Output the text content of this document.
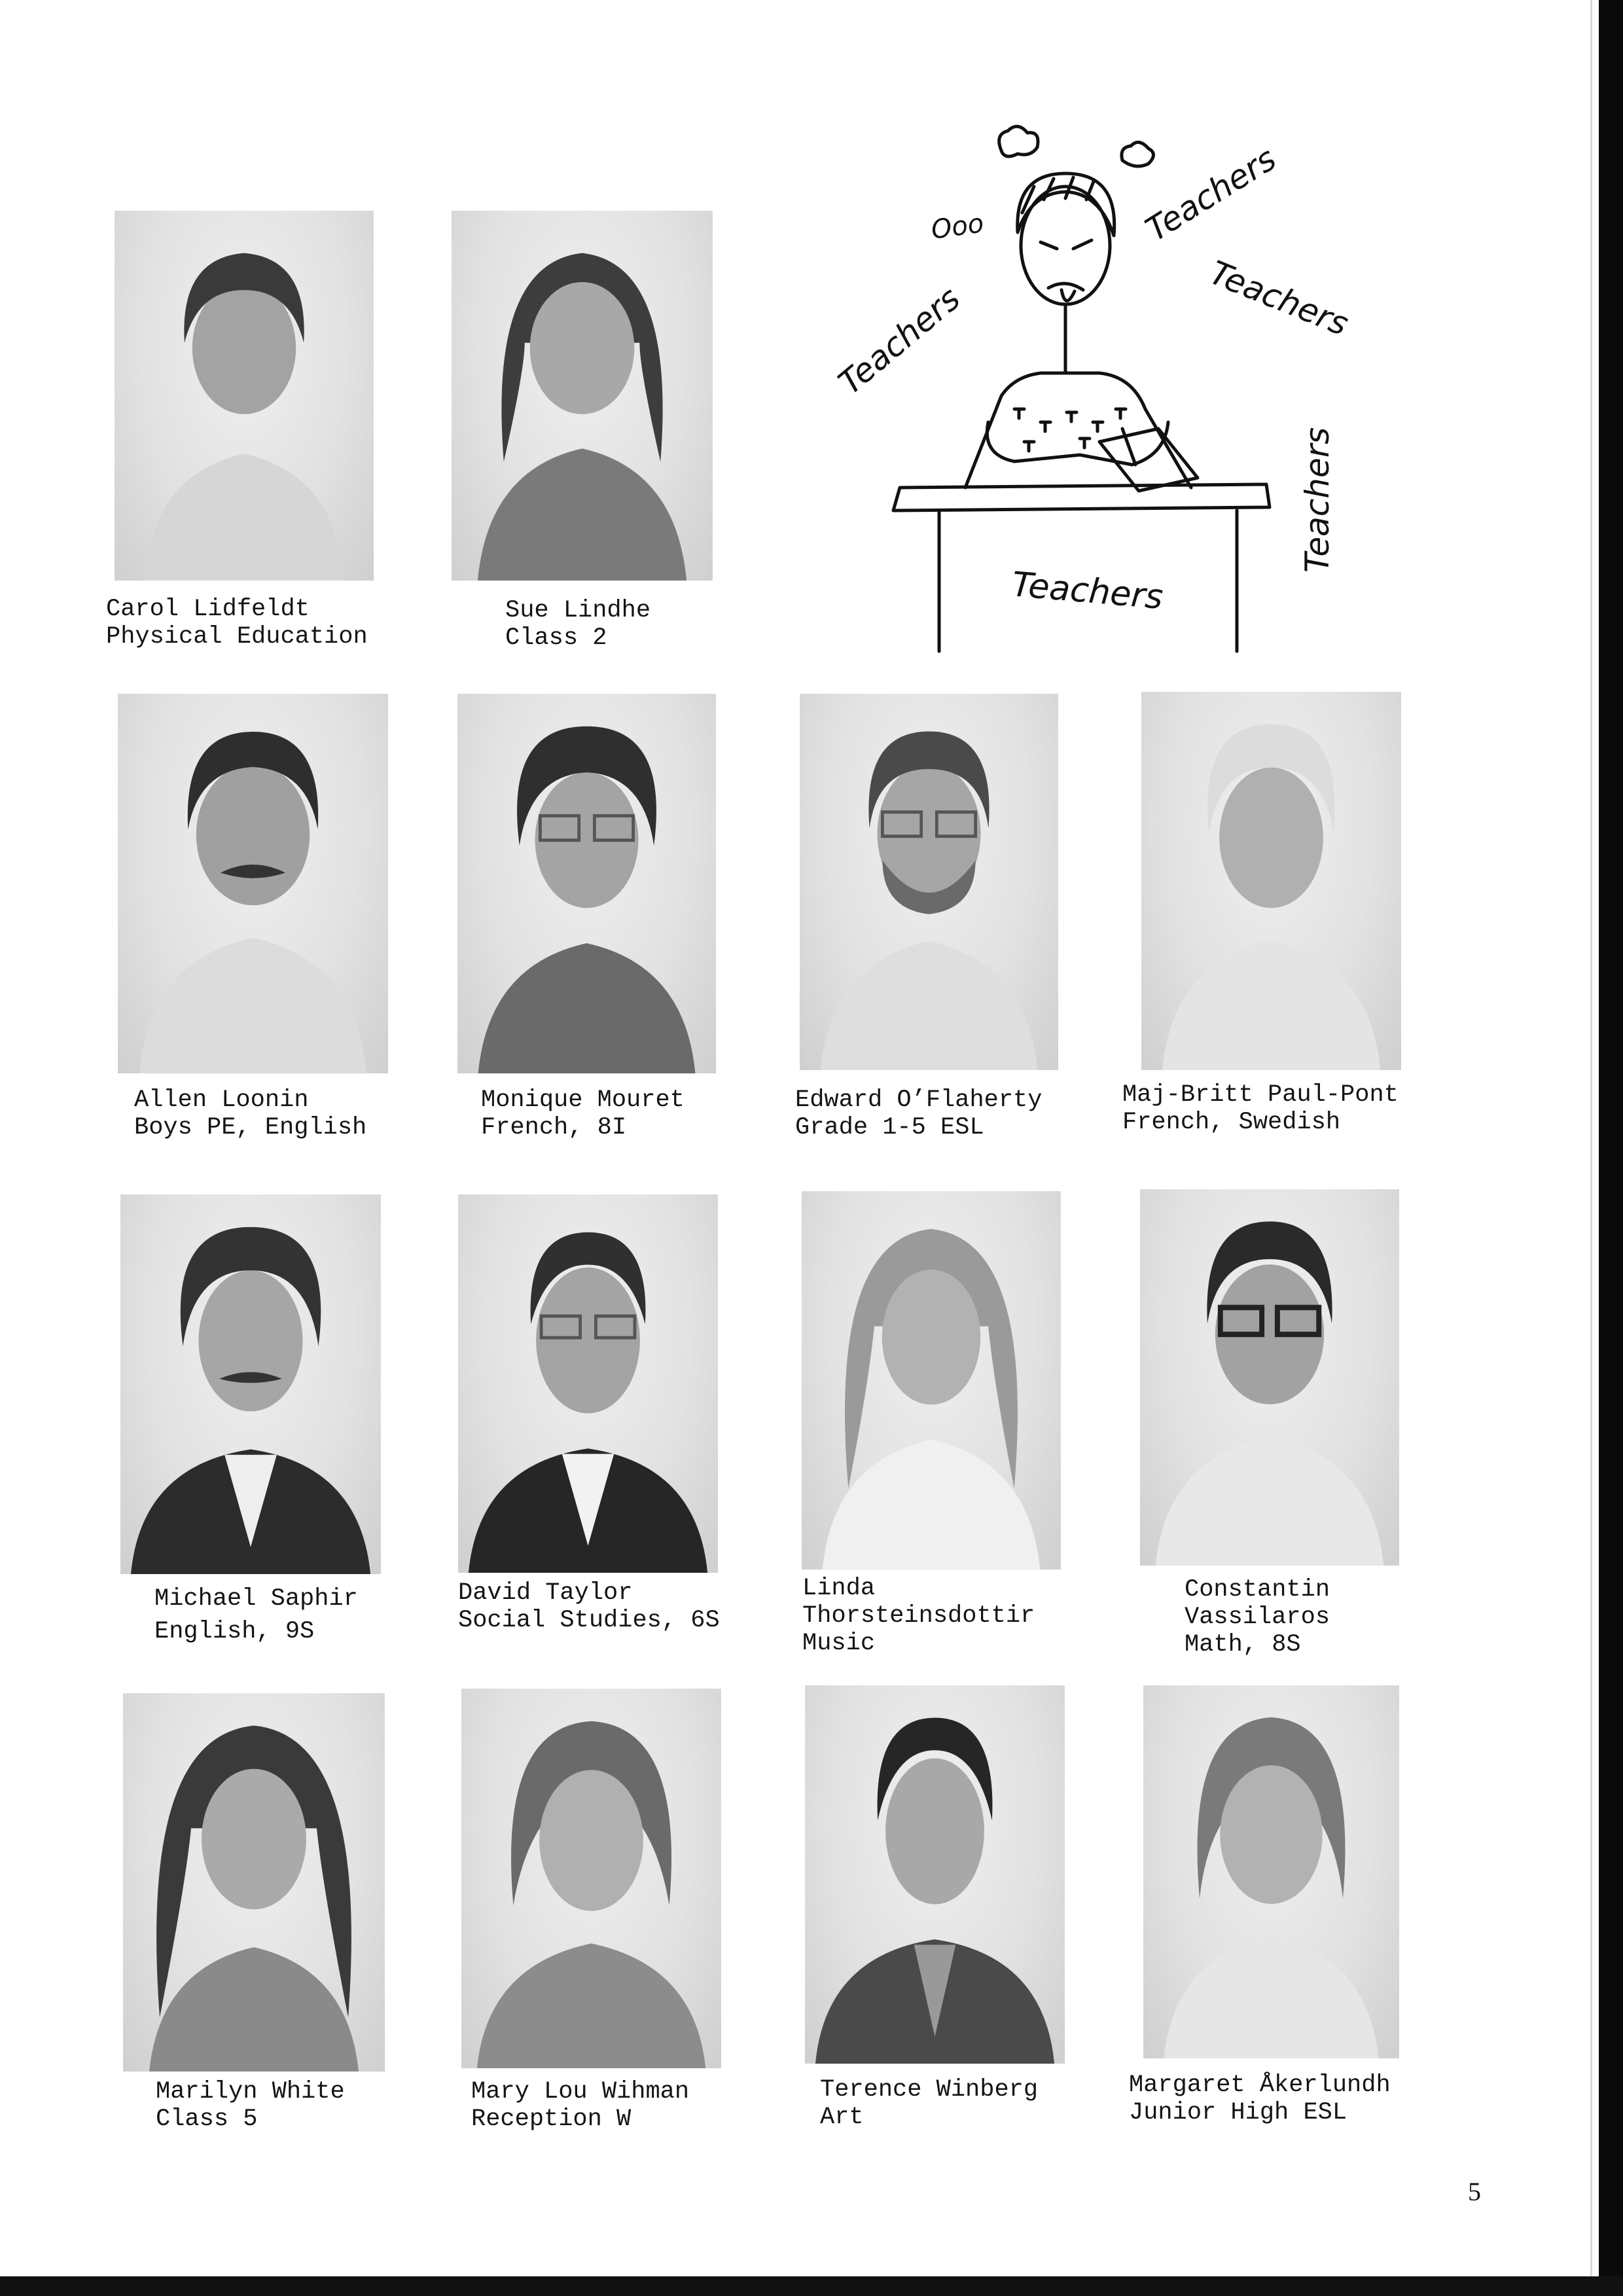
Carol Lidfeldt
Physical Education
Sue Lindhe
Class 2
Allen Loonin
Boys PE, English
Monique Mouret
French, 8I
Edward O’Flaherty
Grade 1-5 ESL
Maj-Britt Paul-Pont
French, Swedish
Michael Saphir
English, 9S
David Taylor
Social Studies, 6S
Linda
Thorsteinsdottir
Music
Constantin
Vassilaros
Math, 8S
Marilyn White
Class 5
Mary Lou Wihman
Reception W
Terence Winberg
Art
Margaret Åkerlundh
Junior High ESL
Ooo	Teachers
Teachers
Teachers
Teachers
Teachers
5
